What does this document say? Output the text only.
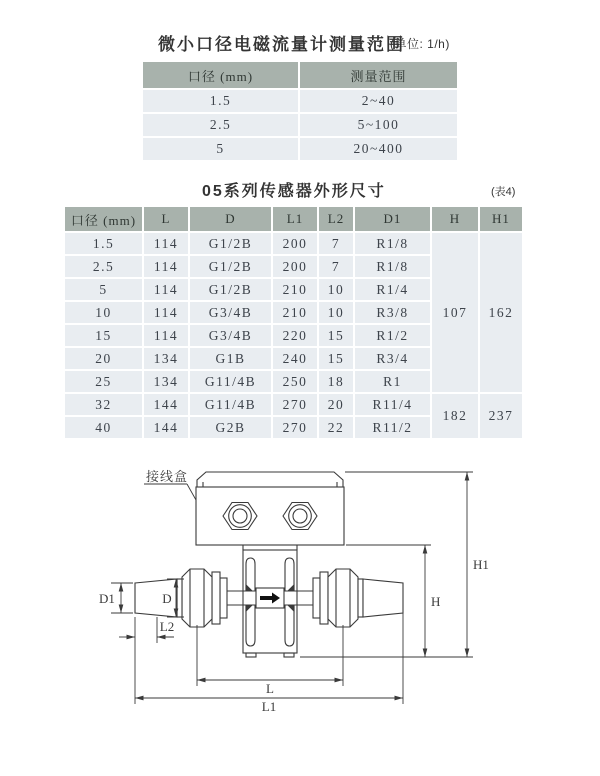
微小口径电磁流量计测量范围
(单位: 1/h)
口径 (mm)	测量范围
1.5	2~40
2.5	5~100
5	20~400
05系列传感器外形尺寸	(表4)
口径 (mm)	L	D	L1	L2	D1	H	H1
1.5	114	G1/2B	200	7	R1/8	107	162
2.5	114	G1/2B	200	7	R1/8		
5	114	G1/2B	210	10	R1/4		
10	114	G3/4B	210	10	R3/8		
15	114	G3/4B	220	15	R1/2		
20	134	G1B	240	15	R3/4		
25	134	G11/4B	250	18	R1		
32	144	G11/4B	270	20	R11/4	182	237
40	144	G2B	270	22	R11/2		
接线盒
D1	D
L2
L
L1
H
H1
